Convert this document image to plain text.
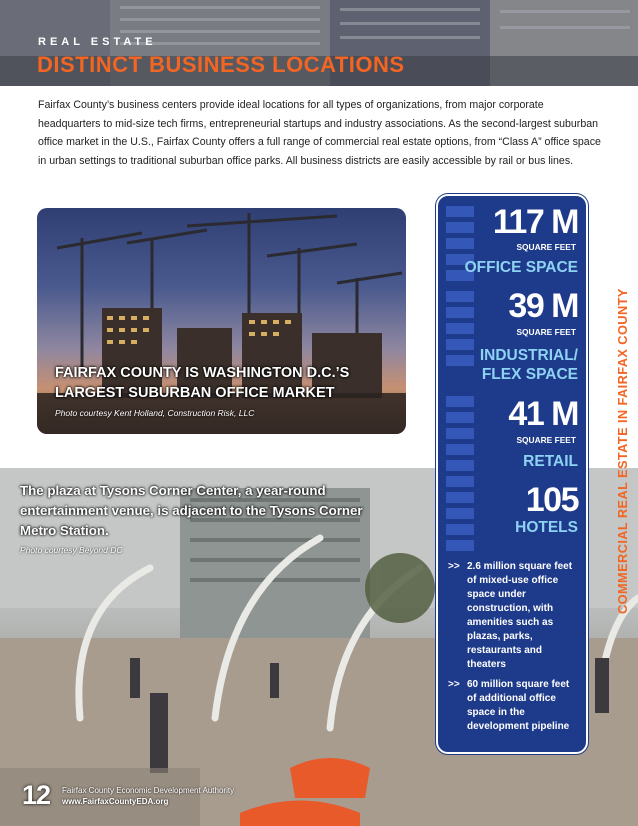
REAL ESTATE

DISTINCT BUSINESS LOCATIONS

Fairfax County’s business centers provide ideal locations for all types of organizations, from major corporate headquarters to mid-size tech firms, entrepreneurial startups and industry associations. As the second-largest suburban office market in the U.S., Fairfax County offers a full range of commercial real estate options, from “Class A” office space in urban settings to traditional suburban office parks. All business districts are easily accessible by rail or bus lines.

FAIRFAX COUNTY IS WASHINGTON D.C.’S
LARGEST SUBURBAN OFFICE MARKET

Photo courtesy Kent Holland, Construction Risk, LLC

The plaza at Tysons Corner Center, a year-round entertainment venue, is adjacent to the Tysons Corner Metro Station.

Photo courtesy Beyond DC

117 M

SQUARE FEET

OFFICE SPACE

39 M

SQUARE FEET

INDUSTRIAL/
FLEX SPACE

41 M

SQUARE FEET

RETAIL

105

HOTELS

>> 2.6 million square feet of mixed-use office space under construction, with amenities such as plazas, parks, restaurants and theaters

>> 60 million square feet of additional office space in the development pipeline

COMMERCIAL REAL ESTATE IN FAIRFAX COUNTY

12 Fairfax County Economic Development Authority

www.FairfaxCountyEDA.org
